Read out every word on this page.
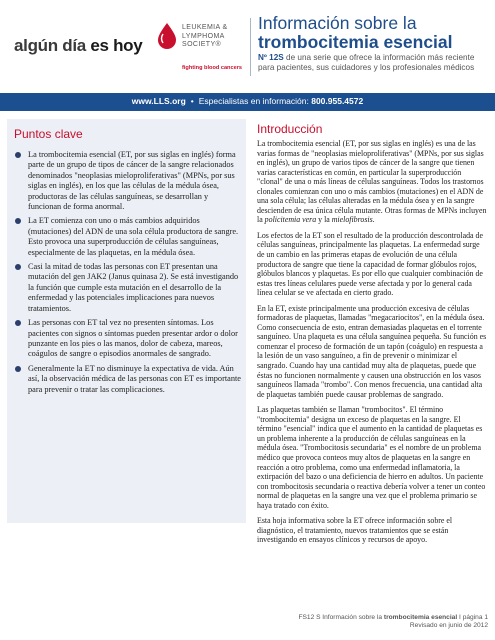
algún día es hoy
LEUKEMIA &
LYMPHOMA
SOCIETY®
fighting blood cancers
Información sobre la
trombocitemia esencial
Nº 12S de una serie que ofrece la información más reciente para pacientes, sus cuidadores y los profesionales médicos
www.LLS.org • Especialistas en información: 800.955.4572
Puntos clave
La trombocitemia esencial (ET, por sus siglas en inglés) forma parte de un grupo de tipos de cáncer de la sangre relacionados denominados "neoplasias mieloproliferativas" (MPNs, por sus siglas en inglés), en los que las células de la médula ósea, productoras de las células sanguíneas, se desarrollan y funcionan de forma anormal.
La ET comienza con uno o más cambios adquiridos (mutaciones) del ADN de una sola célula productora de sangre. Esto provoca una superproducción de células sanguíneas, especialmente de las plaquetas, en la médula ósea.
Casi la mitad de todas las personas con ET presentan una mutación del gen JAK2 (Janus quinasa 2). Se está investigando la función que cumple esta mutación en el desarrollo de la enfermedad y las potenciales implicaciones para nuevos tratamientos.
Las personas con ET tal vez no presenten síntomas. Los pacientes con signos o síntomas pueden presentar ardor o dolor punzante en los pies o las manos, dolor de cabeza, mareos, coágulos de sangre o episodios anormales de sangrado.
Generalmente la ET no disminuye la expectativa de vida. Aún así, la observación médica de las personas con ET es importante para prevenir o tratar las complicaciones.
Introducción

La trombocitemia esencial (ET, por sus siglas en inglés) es una de las varias formas de "neoplasias mieloproliferativas" (MPNs, por sus siglas en inglés), un grupo de varios tipos de cáncer de la sangre que tienen varias características en común, en particular la superproducción "clonal" de una o más líneas de células sanguíneas. Todos los trastornos clonales comienzan con uno o más cambios (mutaciones) en el ADN de una sola célula; las células alteradas en la médula ósea y en la sangre descienden de esa única célula mutante. Otras formas de MPNs incluyen la policitemia vera y la mielofibrosis.

Los efectos de la ET son el resultado de la producción descontrolada de células sanguíneas, principalmente las plaquetas. La enfermedad surge de un cambio en las primeras etapas de evolución de una célula productora de sangre que tiene la capacidad de formar glóbulos rojos, glóbulos blancos y plaquetas. Es por ello que cualquier combinación de estas tres líneas celulares puede verse afectada y por lo general cada línea celular se ve afectada en cierto grado.

En la ET, existe principalmente una producción excesiva de células formadoras de plaquetas, llamadas "megacariocitos", en la médula ósea. Como consecuencia de esto, entran demasiadas plaquetas en el torrente sanguíneo. Una plaqueta es una célula sanguínea pequeña. Su función es comenzar el proceso de formación de un tapón (coágulo) en respuesta a la lesión de un vaso sanguíneo, a fin de prevenir o minimizar el sangrado. Cuando hay una cantidad muy alta de plaquetas, puede que éstas no funcionen normalmente y causen una obstrucción en los vasos sanguíneos llamada "trombo". Con menos frecuencia, una cantidad alta de plaquetas también puede causar problemas de sangrado.

Las plaquetas también se llaman "trombocitos". El término "trombocitemia" designa un exceso de plaquetas en la sangre. El término "esencial" indica que el aumento en la cantidad de plaquetas es un problema inherente a la producción de células sanguíneas en la médula ósea. "Trombocitosis secundaria" es el nombre de un problema médico que provoca conteos muy altos de plaquetas en la sangre en reacción a otro problema, como una enfermedad inflamatoria, la extirpación del bazo o una deficiencia de hierro en adultos. Un paciente con trombocitosis secundaria o reactiva debería volver a tener un conteo normal de plaquetas en la sangre una vez que el problema primario se haya tratado con éxito.

Esta hoja informativa sobre la ET ofrece información sobre el diagnóstico, el tratamiento, nuevos tratamientos que se están investigando en ensayos clínicos y recursos de apoyo.

FS12 S Información sobre la trombocitemia esencial I página 1
Revisado en junio de 2012
